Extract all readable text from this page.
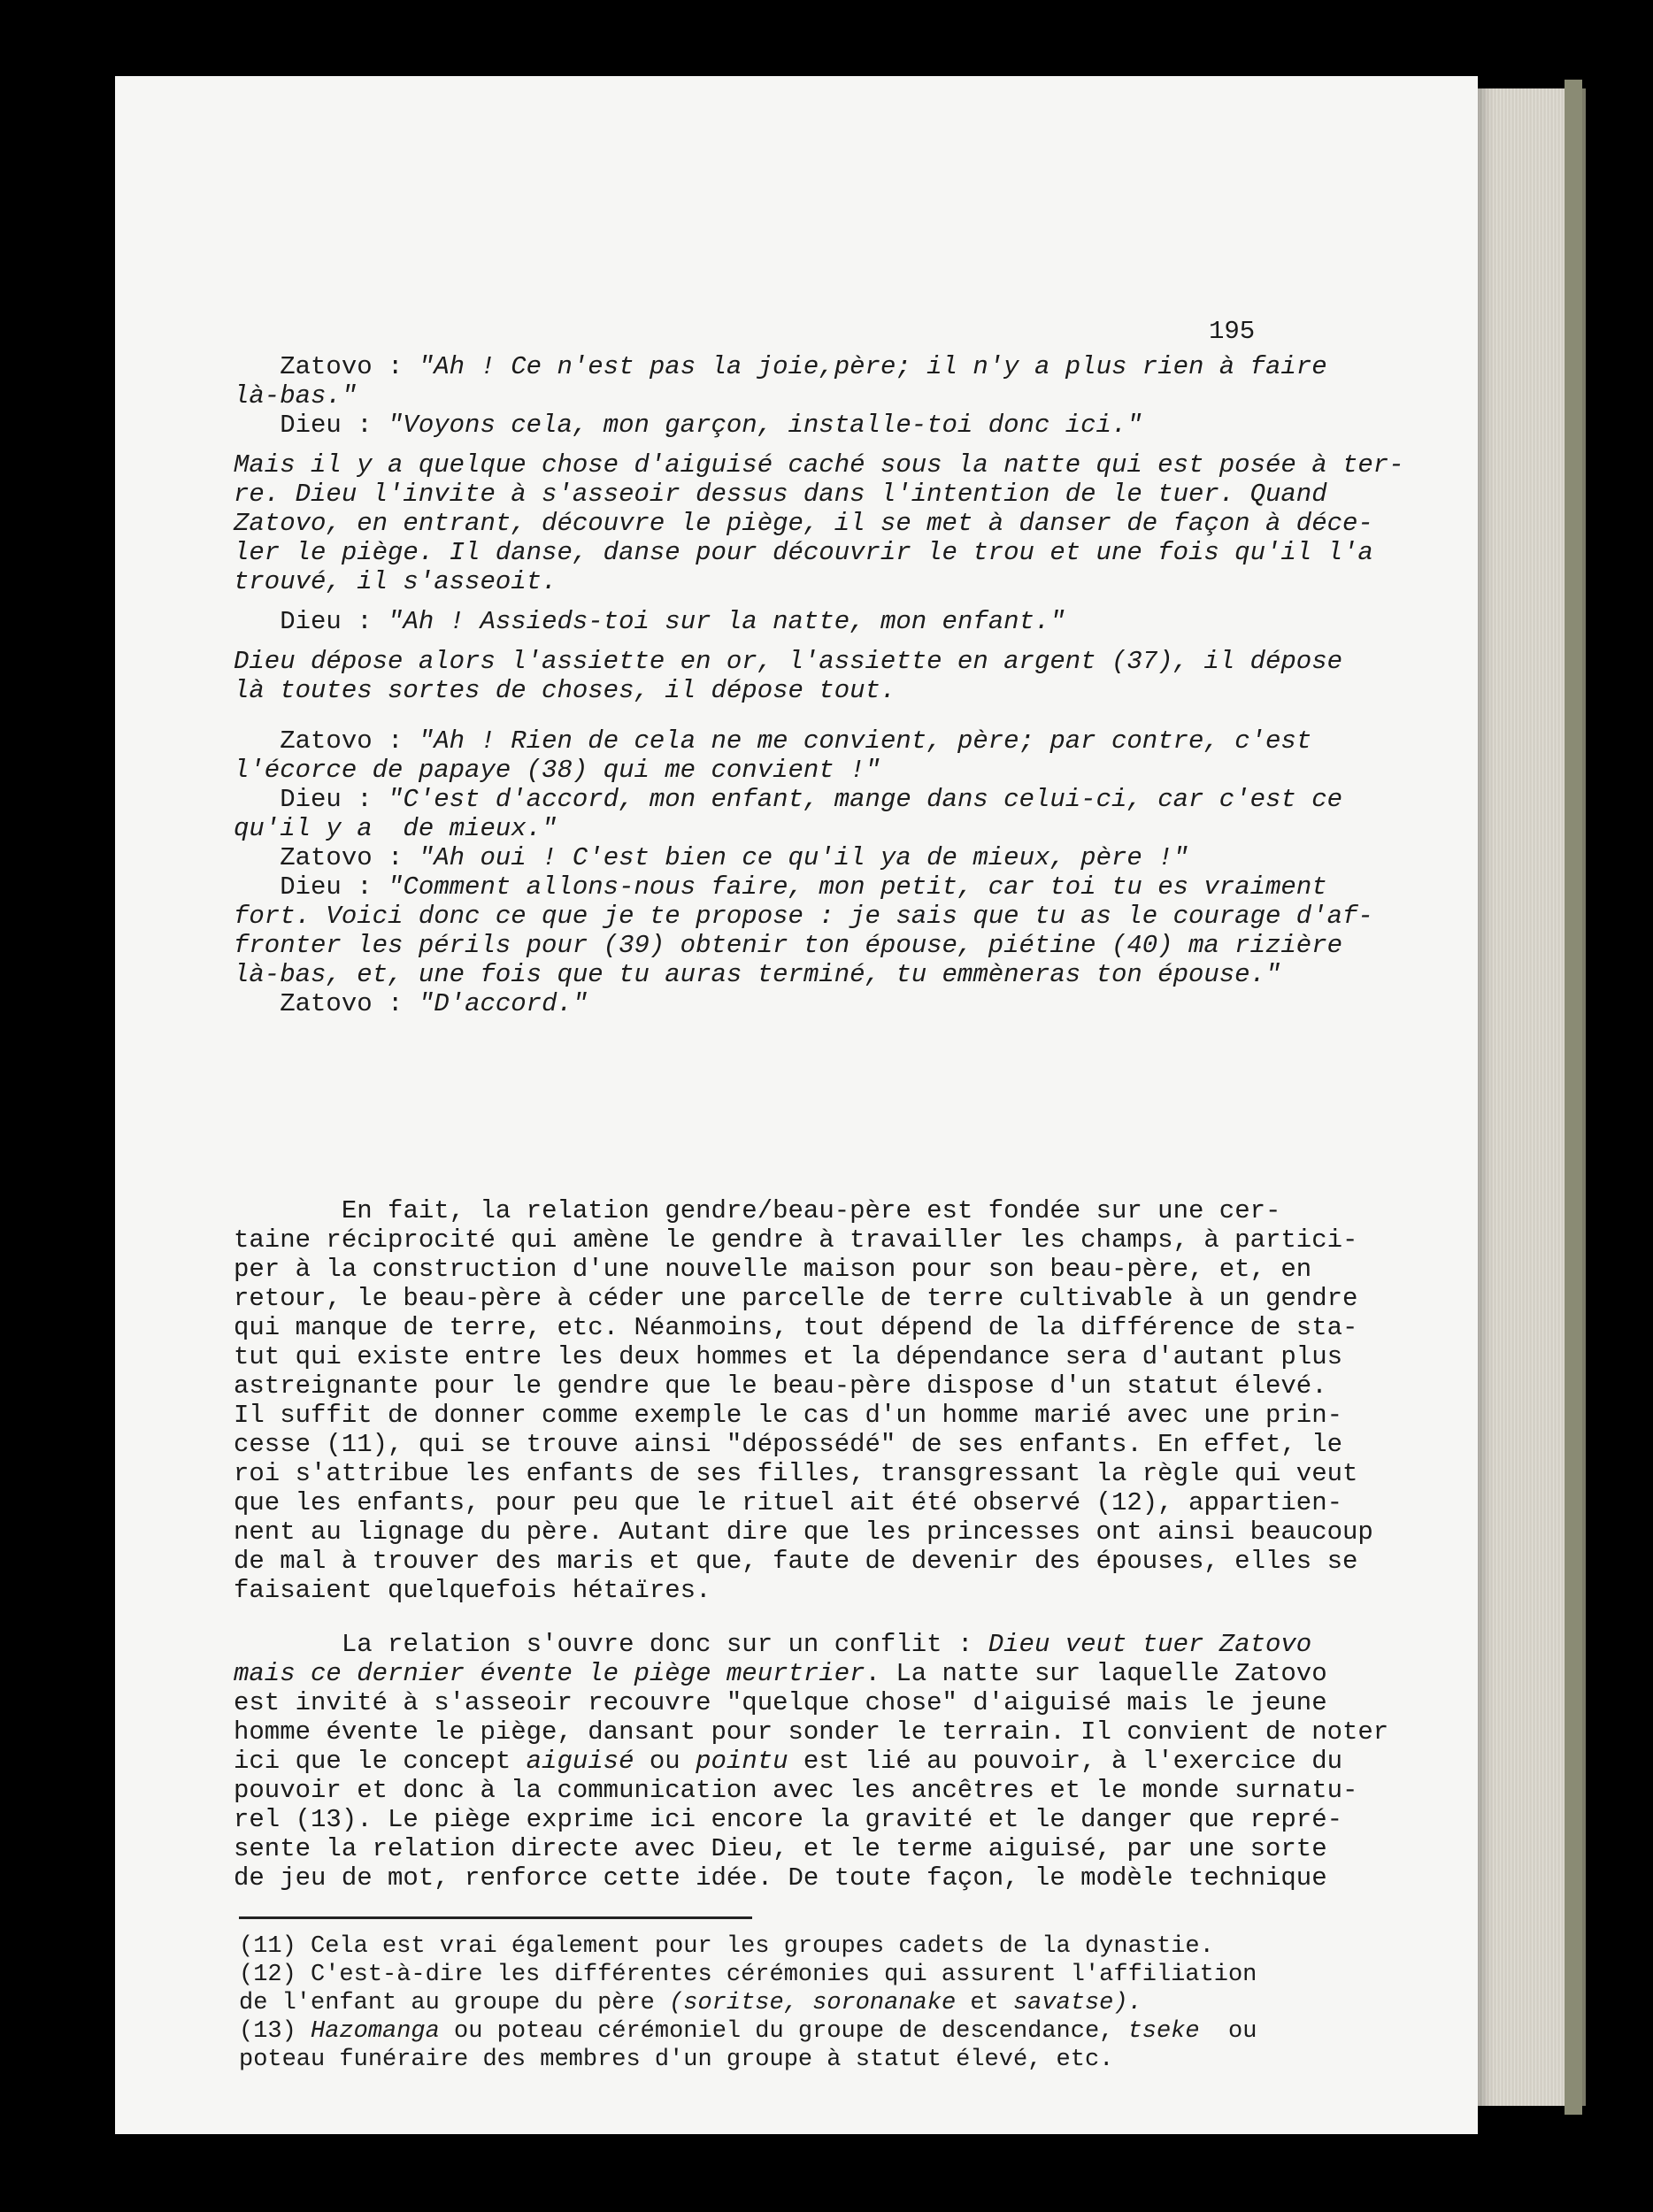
195

Zatovo : "Ah ! Ce n'est pas la joie,père; il n'y a plus rien à faire

là-bas."

Dieu : "Voyons cela, mon garçon, installe-toi donc ici."

Mais il y a quelque chose d'aiguisé caché sous la natte qui est posée à ter-

re. Dieu l'invite à s'asseoir dessus dans l'intention de le tuer. Quand

Zatovo, en entrant, découvre le piège, il se met à danser de façon à déce-

ler le piège. Il danse, danse pour découvrir le trou et une fois qu'il l'a

trouvé, il s'asseoit.

Dieu : "Ah ! Assieds-toi sur la natte, mon enfant."

Dieu dépose alors l'assiette en or, l'assiette en argent (37), il dépose

là toutes sortes de choses, il dépose tout.

Zatovo : "Ah ! Rien de cela ne me convient, père; par contre, c'est

l'écorce de papaye (38) qui me convient !"

Dieu : "C'est d'accord, mon enfant, mange dans celui-ci, car c'est ce

qu'il y a  de mieux."

Zatovo : "Ah oui ! C'est bien ce qu'il ya de mieux, père !"

Dieu : "Comment allons-nous faire, mon petit, car toi tu es vraiment

fort. Voici donc ce que je te propose : je sais que tu as le courage d'af-

fronter les périls pour (39) obtenir ton épouse, piétine (40) ma rizière

là-bas, et, une fois que tu auras terminé, tu emmèneras ton épouse."

Zatovo : "D'accord."

En fait, la relation gendre/beau-père est fondée sur une cer-

taine réciprocité qui amène le gendre à travailler les champs, à partici-

per à la construction d'une nouvelle maison pour son beau-père, et, en

retour, le beau-père à céder une parcelle de terre cultivable à un gendre

qui manque de terre, etc. Néanmoins, tout dépend de la différence de sta-

tut qui existe entre les deux hommes et la dépendance sera d'autant plus

astreignante pour le gendre que le beau-père dispose d'un statut élevé.

Il suffit de donner comme exemple le cas d'un homme marié avec une prin-

cesse (11), qui se trouve ainsi "dépossédé" de ses enfants. En effet, le

roi s'attribue les enfants de ses filles, transgressant la règle qui veut

que les enfants, pour peu que le rituel ait été observé (12), appartien-

nent au lignage du père. Autant dire que les princesses ont ainsi beaucoup

de mal à trouver des maris et que, faute de devenir des épouses, elles se

faisaient quelquefois hétaïres.

La relation s'ouvre donc sur un conflit : Dieu veut tuer Zatovo

mais ce dernier évente le piège meurtrier. La natte sur laquelle Zatovo

est invité à s'asseoir recouvre "quelque chose" d'aiguisé mais le jeune

homme évente le piège, dansant pour sonder le terrain. Il convient de noter

ici que le concept aiguisé ou pointu est lié au pouvoir, à l'exercice du

pouvoir et donc à la communication avec les ancêtres et le monde surnatu-

rel (13). Le piège exprime ici encore la gravité et le danger que repré-

sente la relation directe avec Dieu, et le terme aiguisé, par une sorte

de jeu de mot, renforce cette idée. De toute façon, le modèle technique

(11) Cela est vrai également pour les groupes cadets de la dynastie.

(12) C'est-à-dire les différentes cérémonies qui assurent l'affiliation

de l'enfant au groupe du père (soritse, soronanake et savatse).

(13) Hazomanga ou poteau cérémoniel du groupe de descendance, tseke  ou

poteau funéraire des membres d'un groupe à statut élevé, etc.
